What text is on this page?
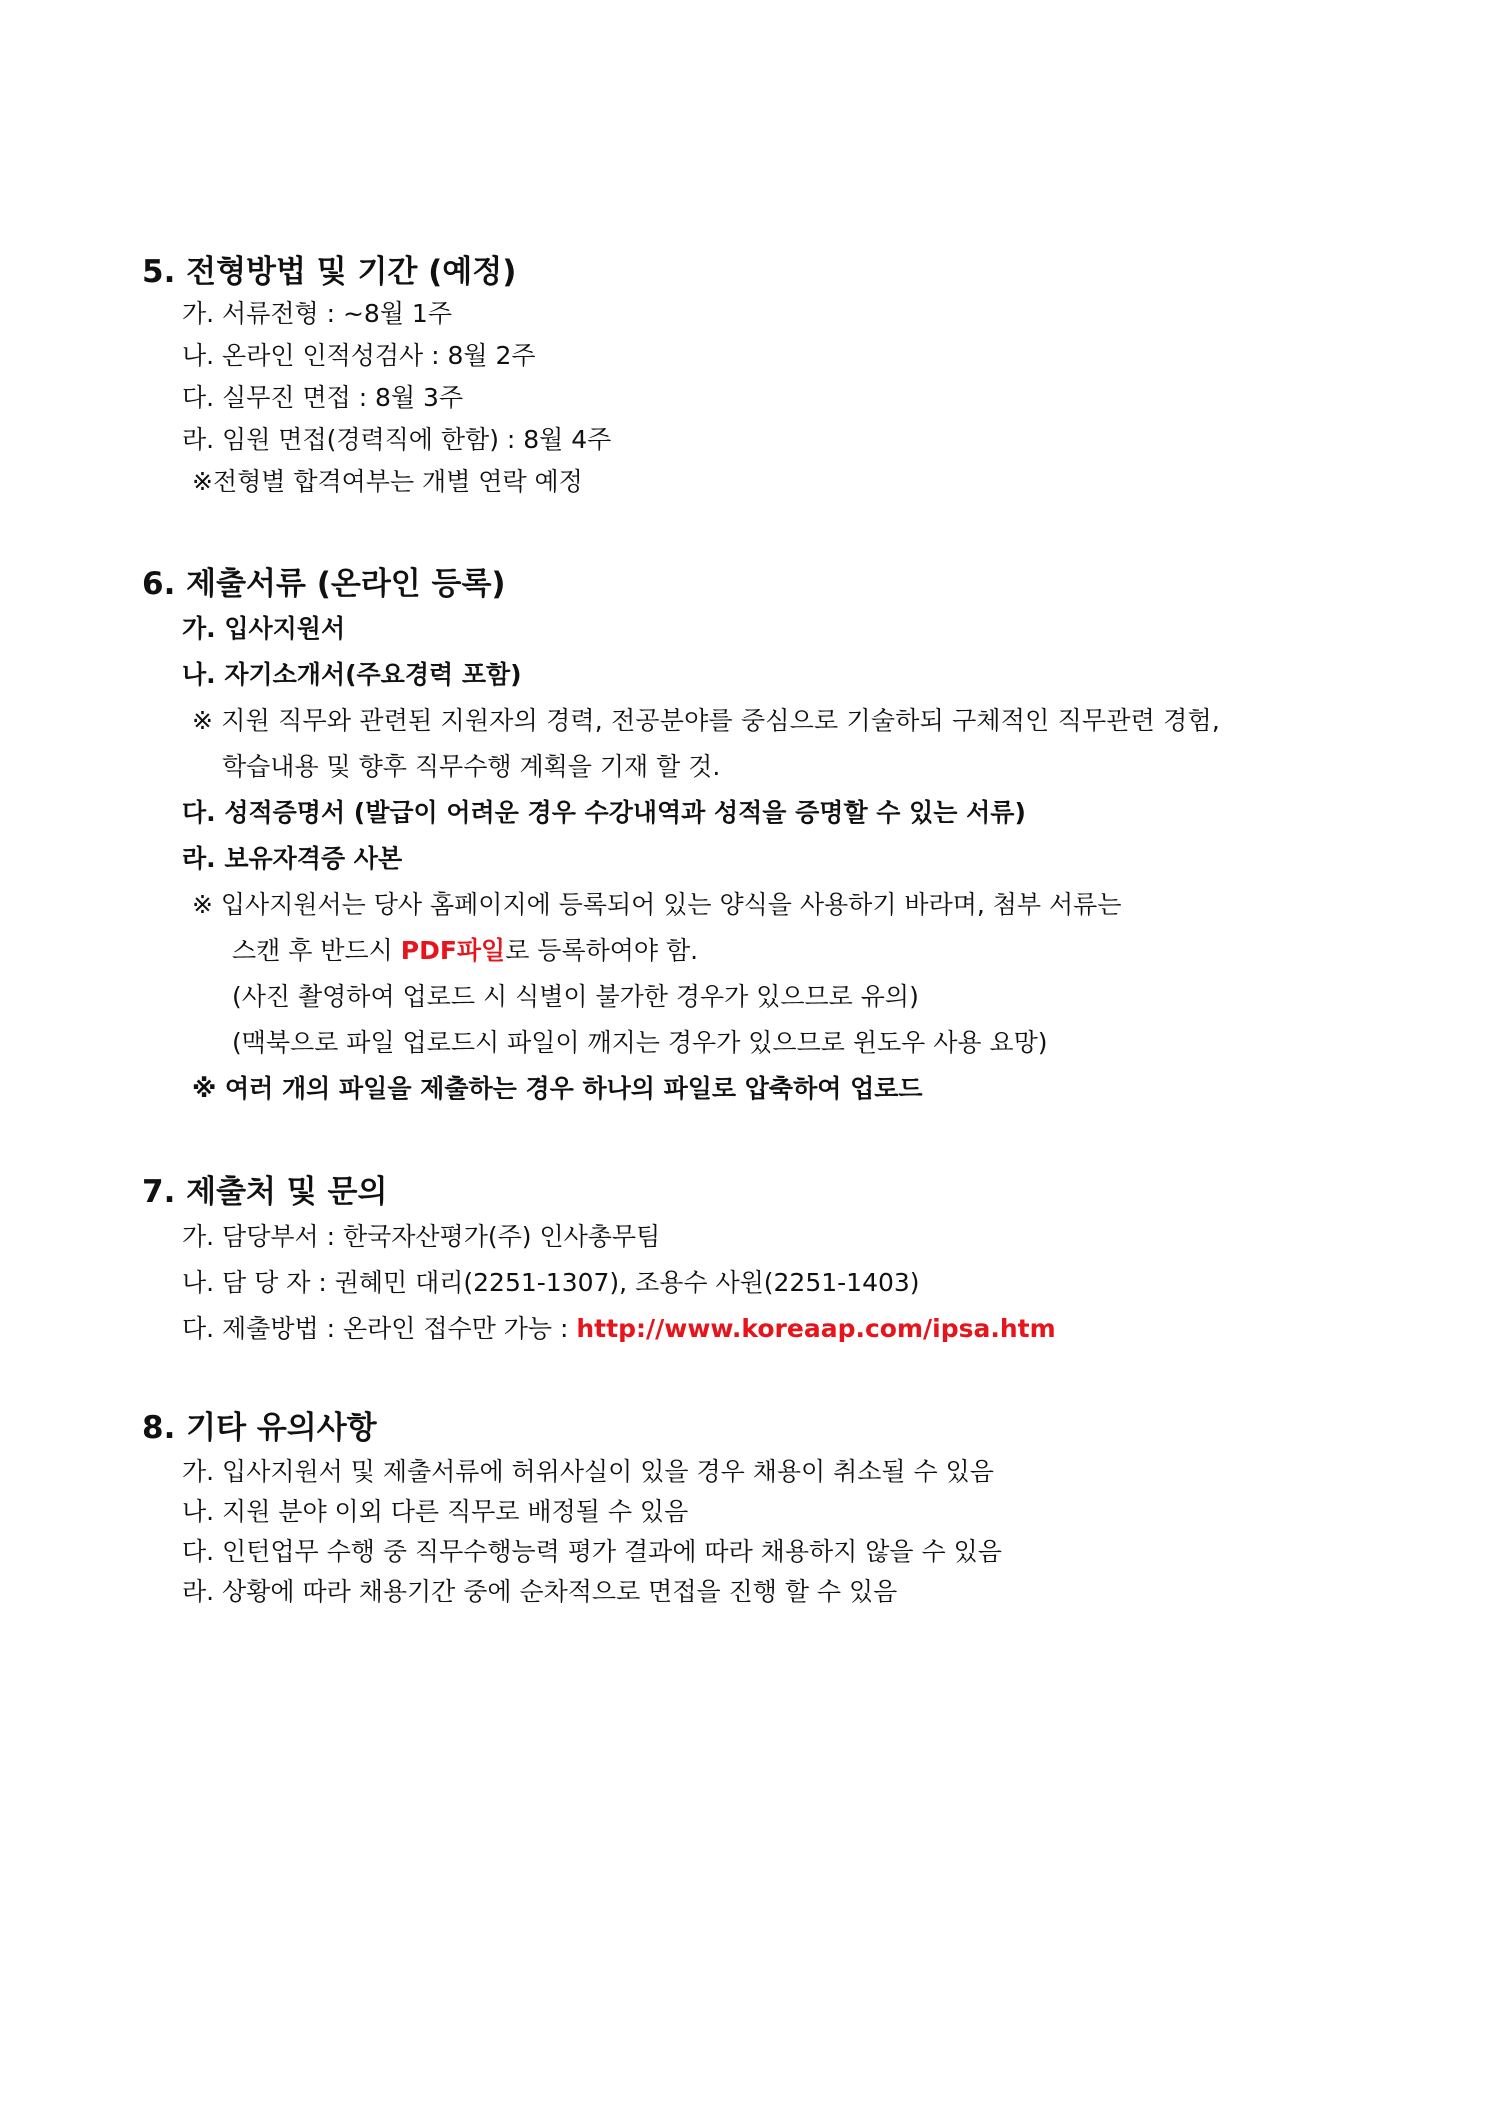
5. 전형방법 및 기간 (예정)
가. 서류전형 : ~8월 1주
나. 온라인 인적성검사 : 8월 2주
다. 실무진 면접 : 8월 3주
라. 임원 면접(경력직에 한함) : 8월 4주
※전형별 합격여부는 개별 연락 예정
6. 제출서류 (온라인 등록)
가. 입사지원서
나. 자기소개서(주요경력 포함)
※ 지원 직무와 관련된 지원자의 경력, 전공분야를 중심으로 기술하되 구체적인 직무관련 경험,
학습내용 및 향후 직무수행 계획을 기재 할 것.
다. 성적증명서 (발급이 어려운 경우 수강내역과 성적을 증명할 수 있는 서류)
라. 보유자격증 사본
※ 입사지원서는 당사 홈페이지에 등록되어 있는 양식을 사용하기 바라며, 첨부 서류는
스캔 후 반드시 PDF파일로 등록하여야 함.
(사진 촬영하여 업로드 시 식별이 불가한 경우가 있으므로 유의)
(맥북으로 파일 업로드시 파일이 깨지는 경우가 있으므로 윈도우 사용 요망)
※ 여러 개의 파일을 제출하는 경우 하나의 파일로 압축하여 업로드
7. 제출처 및 문의
가. 담당부서 : 한국자산평가(주) 인사총무팀
나. 담 당 자 : 권혜민 대리(2251-1307), 조용수 사원(2251-1403)
다. 제출방법 : 온라인 접수만 가능 : http://www.koreaap.com/ipsa.htm
8. 기타 유의사항
가. 입사지원서 및 제출서류에 허위사실이 있을 경우 채용이 취소될 수 있음
나. 지원 분야 이외 다른 직무로 배정될 수 있음
다. 인턴업무 수행 중 직무수행능력 평가 결과에 따라 채용하지 않을 수 있음
라. 상황에 따라 채용기간 중에 순차적으로 면접을 진행 할 수 있음
